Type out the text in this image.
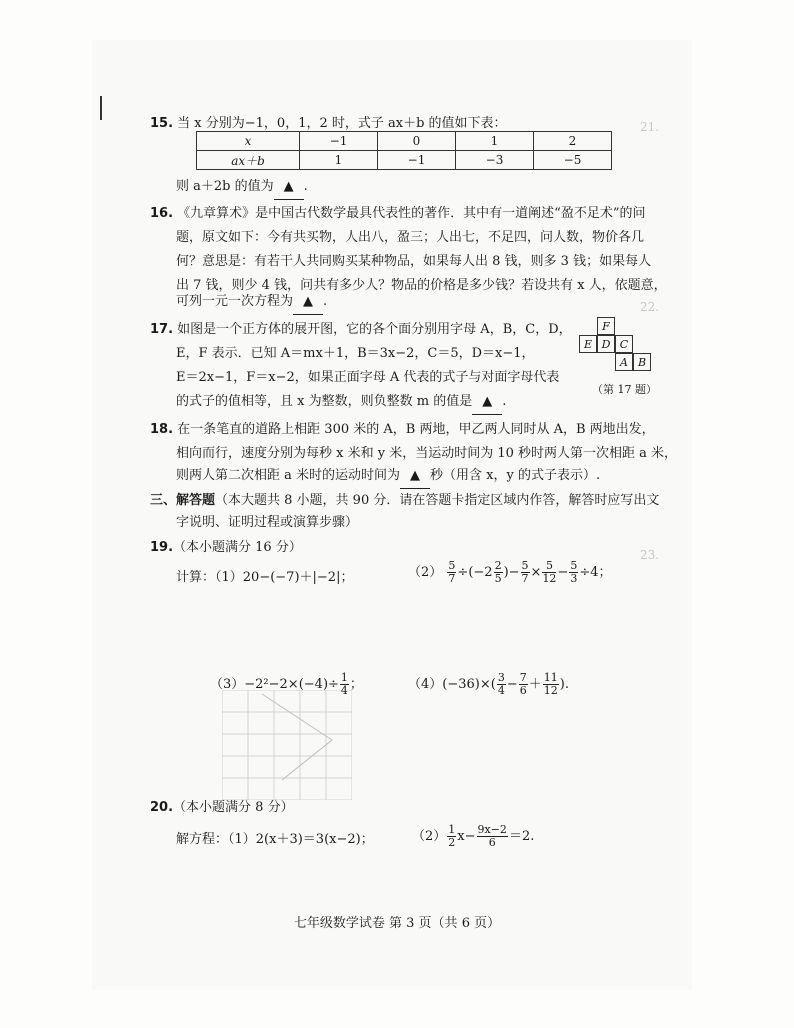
21.
22.
23.
15. 当 x 分别为−1，0，1，2 时，式子 ax＋b 的值如下表：
x	−1	0	1	2
ax＋b	1	−1	−3	−5
则 a＋2b 的值为 ▲ .
16. 《九章算术》是中国古代数学最具代表性的著作．其中有一道阐述“盈不足术”的问
题，原文如下：今有共买物，人出八，盈三；人出七，不足四，问人数，物价各几
何？意思是：有若干人共同购买某种物品，如果每人出 8 钱，则多 3 钱；如果每人
出 7 钱，则少 4 钱，问共有多少人？物品的价格是多少钱？若设共有 x 人，依题意，
可列一元一次方程为 ▲ .
17. 如图是一个正方体的展开图，它的各个面分别用字母 A，B，C，D，
E，F 表示．已知 A＝mx＋1，B＝3x−2，C＝5，D＝x−1，
E＝2x−1，F＝x−2，如果正面字母 A 代表的式子与对面字母代表
的式子的值相等，且 x 为整数，则负整数 m 的值是 ▲ .
F
E D C
A B
（第 17 题）
18. 在一条笔直的道路上相距 300 米的 A，B 两地，甲乙两人同时从 A，B 两地出发，
相向而行，速度分别为每秒 x 米和 y 米，当运动时间为 10 秒时两人第一次相距 a 米，
则两人第二次相距 a 米时的运动时间为 ▲ 秒（用含 x，y 的式子表示）.
三、解答题（本大题共 8 小题，共 90 分．请在答题卡指定区域内作答，解答时应写出文
字说明、证明过程或演算步骤）
19.（本小题满分 16 分）
计算：（1）20−(−7)＋|−2|；	$(2) \frac{5}{7} \div(-2 \frac{2}{5}$ )− $\frac{5}{7} \times \frac{5}{12} - \frac{5}{3} \div 4$；
$(3)-2^2-2\times(-4)\div \frac{1}{4}$ ；	$(4)(-36)\times( \frac{3}{4} - \frac{7}{6} + \frac{11}{12}$ ).
20.（本小题满分 8 分）
解方程：（1）2(x＋3)＝3(x−2)；	$(2) \frac{1}{2} x- \frac{9x-2}{6} =2$.
七年级数学试卷 第 3 页（共 6 页）
